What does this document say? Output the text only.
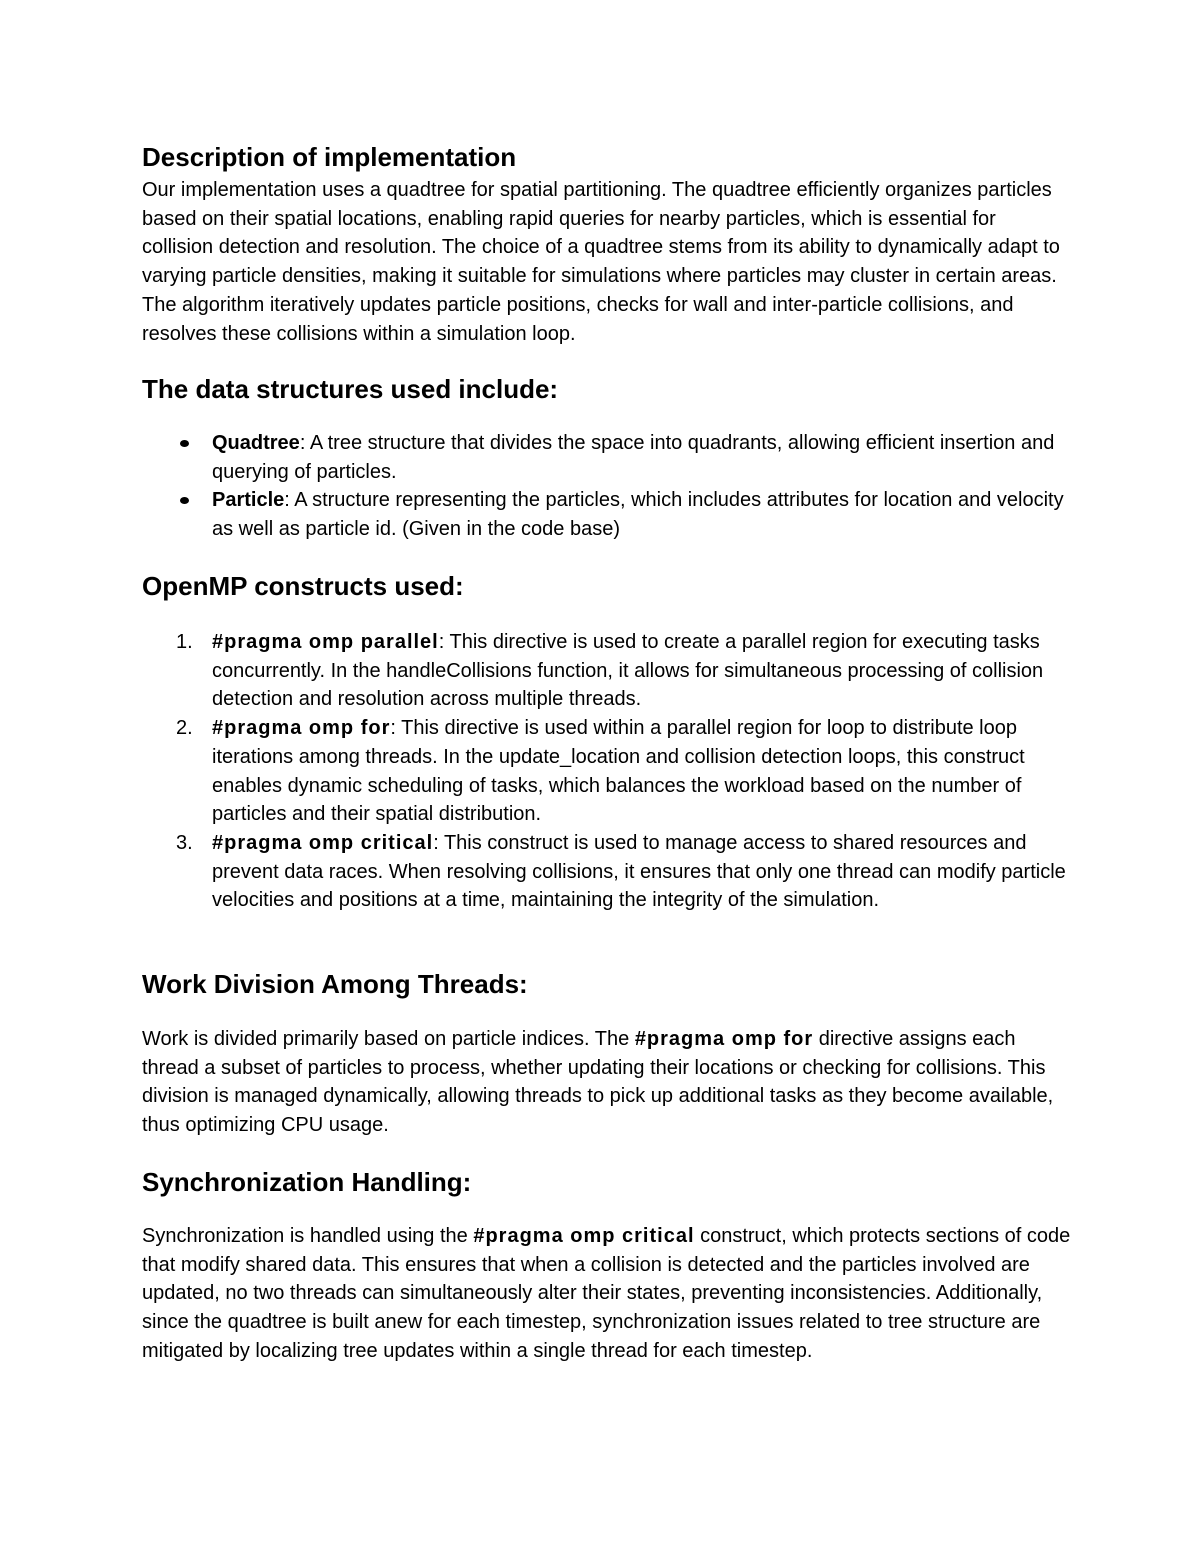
Description of implementation

Our implementation uses a quadtree for spatial partitioning. The quadtree efficiently organizes particles based on their spatial locations, enabling rapid queries for nearby particles, which is essential for collision detection and resolution. The choice of a quadtree stems from its ability to dynamically adapt to varying particle densities, making it suitable for simulations where particles may cluster in certain areas. The algorithm iteratively updates particle positions, checks for wall and inter-particle collisions, and resolves these collisions within a simulation loop.

The data structures used include:
Quadtree: A tree structure that divides the space into quadrants, allowing efficient insertion and querying of particles.
Particle: A structure representing the particles, which includes attributes for location and velocity as well as particle id. (Given in the code base)
OpenMP constructs used:
1. #pragma omp parallel: This directive is used to create a parallel region for executing tasks concurrently. In the handleCollisions function, it allows for simultaneous processing of collision detection and resolution across multiple threads.
2. #pragma omp for: This directive is used within a parallel region for loop to distribute loop iterations among threads. In the update_location and collision detection loops, this construct enables dynamic scheduling of tasks, which balances the workload based on the number of particles and their spatial distribution.
3. #pragma omp critical: This construct is used to manage access to shared resources and prevent data races. When resolving collisions, it ensures that only one thread can modify particle velocities and positions at a time, maintaining the integrity of the simulation.
Work Division Among Threads:

Work is divided primarily based on particle indices. The #pragma omp for directive assigns each thread a subset of particles to process, whether updating their locations or checking for collisions. This division is managed dynamically, allowing threads to pick up additional tasks as they become available, thus optimizing CPU usage.

Synchronization Handling:

Synchronization is handled using the #pragma omp critical construct, which protects sections of code that modify shared data. This ensures that when a collision is detected and the particles involved are updated, no two threads can simultaneously alter their states, preventing inconsistencies. Additionally, since the quadtree is built anew for each timestep, synchronization issues related to tree structure are mitigated by localizing tree updates within a single thread for each timestep.
